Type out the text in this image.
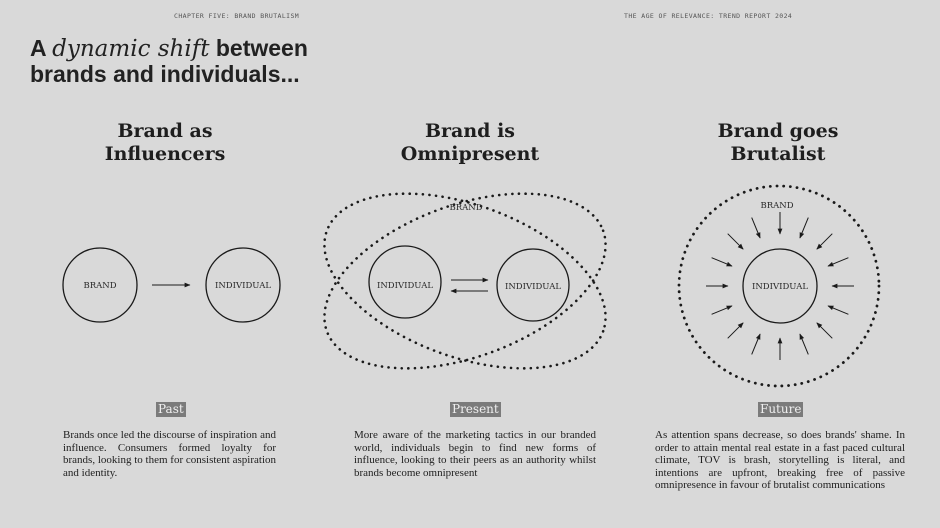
CHAPTER FIVE: BRAND BRUTALISM	THE AGE OF RELEVANCE: TREND REPORT 2024
A dynamic shift between
brands and individuals...
Brand as Influencers
Brand is Omnipresent
Brand goes Brutalist
BRAND	INDIVIDUAL
BRAND
INDIVIDUAL	INDIVIDUAL
BRAND
INDIVIDUAL
Past	Present	Future

Brands once led the discourse of inspiration and influence. Consumers formed loyalty for brands, looking to them for consistent aspiration and identity.

More aware of the marketing tactics in our branded world, individuals begin to find new forms of influence, looking to their peers as an authority whilst brands become omnipresent

As attention spans decrease, so does brands' shame. In order to attain mental real estate in a fast paced cultural climate, TOV is brash, storytelling is literal, and intentions are upfront, breaking free of passive omnipresence in favour of brutalist communications
